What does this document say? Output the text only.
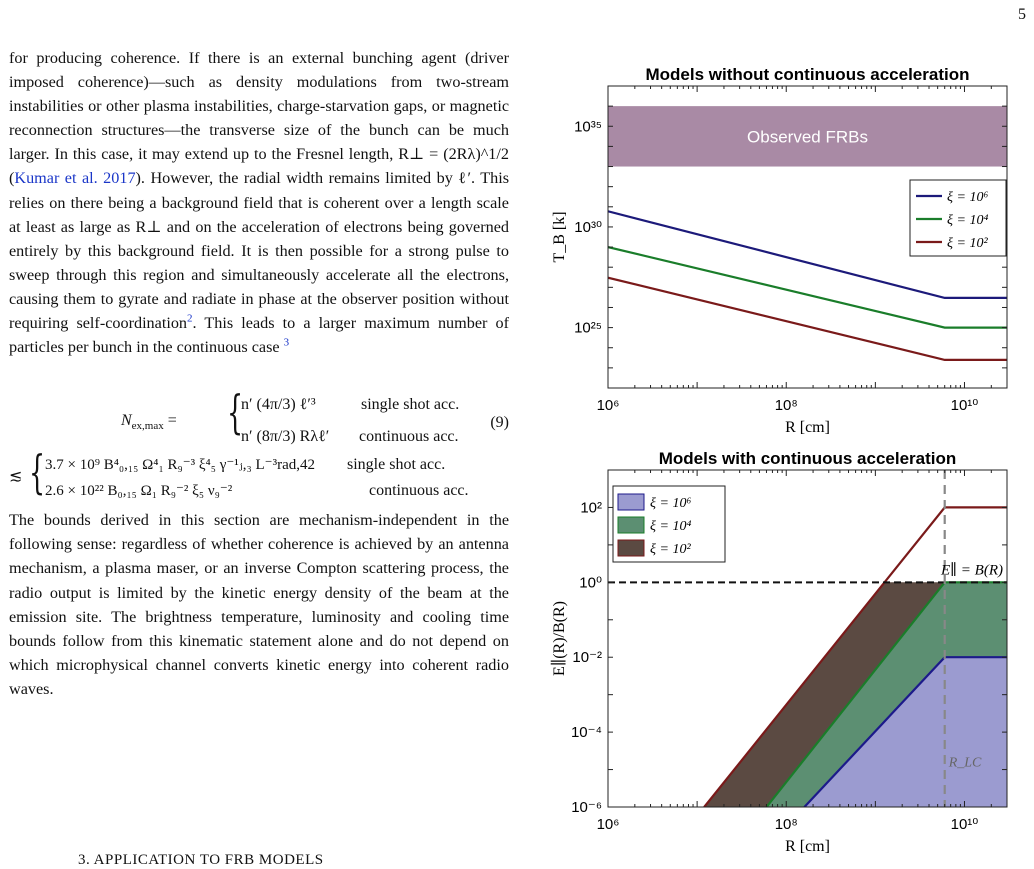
5

for producing coherence. If there is an external bunching agent (driver imposed coherence)—such as density modulations from two-stream instabilities or other plasma instabilities, charge-starvation gaps, or magnetic reconnection structures—the transverse size of the bunch can be much larger. In this case, it may extend up to the Fresnel length, R⊥ = (2Rλ)^1/2 (Kumar et al. 2017). However, the radial width remains limited by ℓ′. This relies on there being a background field that is coherent over a length scale at least as large as R⊥ and on the acceleration of electrons being governed entirely by this background field. It is then possible for a strong pulse to sweep through this region and simultaneously accelerate all the electrons, causing them to gyrate and radiate in phase at the observer position without requiring self-coordination$^2$. This leads to a larger maximum number of particles per bunch in the continuous case $^3$

$N_{ex,max}$ = {
n′ (4π/3) ℓ′³	single shot acc.
n′ (8π/3) Rλℓ′ continuous acc.
(9)
≲ { 3.7 × 10⁹ B⁴₀,₁₅ Ω⁴₁ R₉⁻³ ξ⁴₅ γ⁻¹ⱼ,₃ L⁻³rad,42 single shot acc.
2.6 × 10²² B₀,₁₅ Ω₁ R₉⁻² ξ₅ ν₉⁻²	continuous acc.

The bounds derived in this section are mechanism-independent in the following sense: regardless of whether coherence is achieved by an antenna mechanism, a plasma maser, or an inverse Compton scattering process, the radio output is limited by the kinetic energy density of the beam at the emission site. The brightness temperature, luminosity and cooling time bounds follow from this kinematic statement alone and do not depend on which microphysical channel converts kinetic energy into coherent radio waves.

3. APPLICATION TO FRB MODELS
Observed FRBs
10⁶	10⁸	10¹⁰
10²⁵
10³⁰
10³⁵
Models without continuous acceleration
R [cm]
T_B [k]
ξ = 10⁶
ξ = 10⁴
ξ = 10²
10⁶	10⁸	10¹⁰
10⁻⁶
10⁻⁴
10⁻²
10⁰
10²
Models with continuous acceleration
R [cm]
E∥(R)/B(R)
E∥ = B(R)
allowed
R_LC
ξ = 10⁶
ξ = 10⁴
ξ = 10²
